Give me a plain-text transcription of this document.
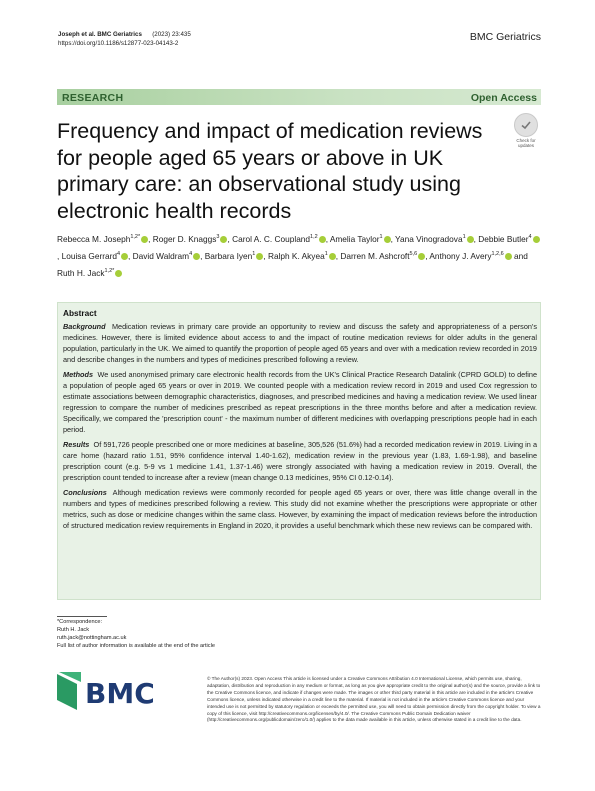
Joseph et al. BMC Geriatrics (2023) 23:435
https://doi.org/10.1186/s12877-023-04143-2
BMC Geriatrics
RESEARCH	Open Access
Frequency and impact of medication reviews for people aged 65 years or above in UK primary care: an observational study using electronic health records
Check for
updates
Rebecca M. Joseph$^{1,2*}$ , Roger D. Knaggs$^3$ , Carol A. C. Coupland$^{1,2}$ , Amelia Taylor$^1$ , Yana Vinogradova$^1$ , Debbie Butler$^4$, Louisa Gerrard$^4$ , David Waldram$^4$ , Barbara Iyen$^1$ , Ralph K. Akyea$^1$ , Darren M. Ashcroft$^{5,6}$ , Anthony J. Avery$^{1,2,6}$ and Ruth H. Jack$^{1,2*}$
Abstract

Background Medication reviews in primary care provide an opportunity to review and discuss the safety and appropriateness of a person's medicines. However, there is limited evidence about access to and the impact of routine medication reviews for older adults in the general population, particularly in the UK. We aimed to quantify the proportion of people aged 65 years and over with a medication review recorded in 2019 and describe changes in the numbers and types of medicines prescribed following a review.

Methods We used anonymised primary care electronic health records from the UK's Clinical Practice Research Datalink (CPRD GOLD) to define a population of people aged 65 years or over in 2019. We counted people with a medication review record in 2019 and used Cox regression to estimate associations between demographic characteristics, diagnoses, and prescribed medicines and having a medication review. We used linear regression to compare the number of medicines prescribed as repeat prescriptions in the three months before and after a medication review. Specifically, we compared the 'prescription count' - the maximum number of different medicines with overlapping prescriptions people had in each period.

Results Of 591,726 people prescribed one or more medicines at baseline, 305,526 (51.6%) had a recorded medication review in 2019. Living in a care home (hazard ratio 1.51, 95% confidence interval 1.40-1.62), medication review in the previous year (1.83, 1.69-1.98), and baseline prescription count (e.g. 5-9 vs 1 medicine 1.41, 1.37-1.46) were strongly associated with having a medication review in 2019. Overall, the prescription count tended to increase after a review (mean change 0.13 medicines, 95% CI 0.12-0.14).

Conclusions Although medication reviews were commonly recorded for people aged 65 years or over, there was little change overall in the numbers and types of medicines prescribed following a review. This study did not examine whether the prescriptions were appropriate or other metrics, such as dose or medicine changes within the same class. However, by examining the impact of medication reviews before the introduction of structured medication review requirements in England in 2020, it provides a useful benchmark which these new reviews can be compared with.

*Correspondence:
Ruth H. Jack
ruth.jack@nottingham.ac.uk
Full list of author information is available at the end of the article
BMC	© The Author(s) 2023. Open Access This article is licensed under a Creative Commons Attribution 4.0 International License, which permits use, sharing, adaptation, distribution and reproduction in any medium or format, as long as you give appropriate credit to the original author(s) and the source, provide a link to the Creative Commons licence, and indicate if changes were made. The images or other third party material in this article are included in the article's Creative Commons licence, unless indicated otherwise in a credit line to the material. If material is not included in the article's Creative Commons licence and your intended use is not permitted by statutory regulation or exceeds the permitted use, you will need to obtain permission directly from the copyright holder. To view a copy of this licence, visit http://creativecommons.org/licenses/by/4.0/. The Creative Commons Public Domain Dedication waiver (http://creativecommons.org/publicdomain/zero/1.0/) applies to the data made available in this article, unless otherwise stated in a credit line to the data.
